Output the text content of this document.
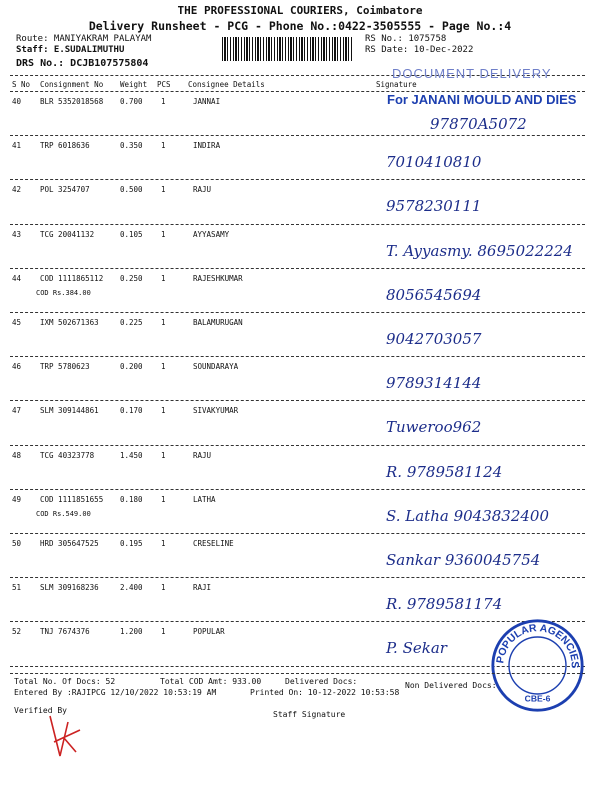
THE PROFESSIONAL COURIERS, Coimbatore
Delivery Runsheet - PCG - Phone No.:0422-3505555 - Page No.:4
Route: MANIYAKRAM PALAYAM
Staff: E.SUDALIMUTHU
DRS No.: DCJB107575804
RS No.: 1075758
RS Date: 10-Dec-2022
S No Consignment No Weight PCS Consignee Details	Signature
40	BLR 5352018568 0.700 1	JANNAI
97870A5072
41	TRP 6018636	0.350 1	INDIRA
7010410810
42	POL 3254707	0.500 1	RAJU
9578230111
43	TCG 20041132	0.105 1	AYYASAMY
T. Ayyasmy. 8695022224
44	COD 1111865112 0.250 1	RAJESHKUMAR
COD Rs.384.00	8056545694
45	IXM 502671363	0.225 1	BALAMURUGAN
9042703057
46	TRP 5780623	0.200 1	SOUNDARAYA
9789314144
47	SLM 309144861	0.170 1	SIVAKYUMAR
Tuweroo962
48	TCG 40323778	1.450 1	RAJU
R. 9789581124
49	COD 1111851655 0.180 1	LATHA
COD Rs.549.00	S. Latha 9043832400
50	HRD 305647525	0.195 1	CRESELINE
Sankar 9360045754
51	SLM 309168236	2.400 1	RAJI
R. 9789581174
52	TNJ 7674376	1.200 1	POPULAR
P. Sekar
DOCUMENT DELIVERY
For JANANI MOULD AND DIES
POPULAR AGENCIES
CBE-6
Total No. Of Docs: 52	Total COD Amt: 933.00	Delivered Docs:	Non Delivered Docs:
Entered By :RAJIPCG 12/10/2022 10:53:19 AM	Printed On: 10-12-2022 10:53:58
Verified By	Staff Signature
